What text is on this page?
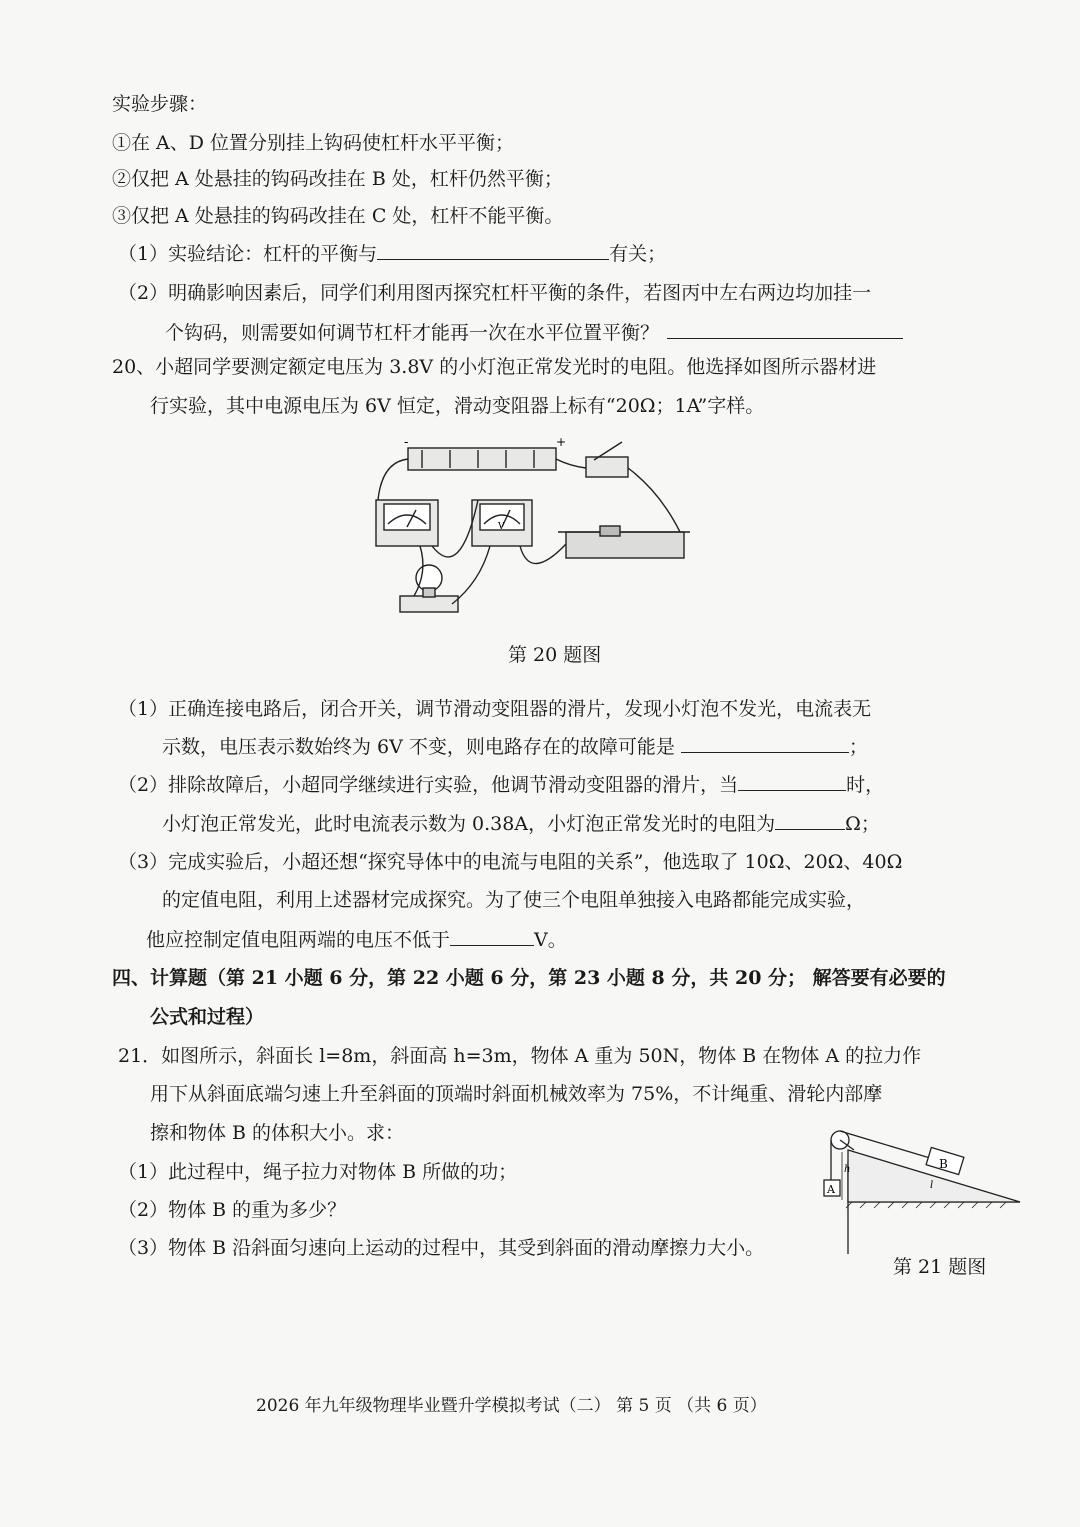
实验步骤：
①在 A、D 位置分别挂上钩码使杠杆水平平衡；
②仅把 A 处悬挂的钩码改挂在 B 处，杠杆仍然平衡；
③仅把 A 处悬挂的钩码改挂在 C 处，杠杆不能平衡。
（1）实验结论：杠杆的平衡与	有关；
（2）明确影响因素后，同学们利用图丙探究杠杆平衡的条件，若图丙中左右两边均加挂一
个钩码，则需要如何调节杠杆才能再一次在水平位置平衡？
20、小超同学要测定额定电压为 3.8V 的小灯泡正常发光时的电阻。他选择如图所示器材进
行实验，其中电源电压为 6V 恒定，滑动变阻器上标有“20Ω；1A”字样。
-	+
V
第 20 题图
（1）正确连接电路后，闭合开关，调节滑动变阻器的滑片，发现小灯泡不发光，电流表无
示数，电压表示数始终为 6V 不变，则电路存在的故障可能是	；
（2）排除故障后，小超同学继续进行实验，他调节滑动变阻器的滑片，当	时，
小灯泡正常发光，此时电流表示数为 0.38A，小灯泡正常发光时的电阻为	Ω；
（3）完成实验后，小超还想“探究导体中的电流与电阻的关系”，他选取了 10Ω、20Ω、40Ω
的定值电阻，利用上述器材完成探究。为了使三个电阻单独接入电路都能完成实验，
他应控制定值电阻两端的电压不低于	V。
四、计算题（第 21 小题 6 分，第 22 小题 6 分，第 23 小题 8 分，共 20 分； 解答要有必要的
公式和过程）
21．如图所示，斜面长 l=8m，斜面高 h=3m，物体 A 重为 50N，物体 B 在物体 A 的拉力作
用下从斜面底端匀速上升至斜面的顶端时斜面机械效率为 75%，不计绳重、滑轮内部摩
擦和物体 B 的体积大小。求：
（1）此过程中，绳子拉力对物体 B 所做的功；
（2）物体 B 的重为多少？
（3）物体 B 沿斜面匀速向上运动的过程中，其受到斜面的滑动摩擦力大小。
A
B
h
l
第 21 题图
2026 年九年级物理毕业暨升学模拟考试（二） 第 5 页 （共 6 页）
